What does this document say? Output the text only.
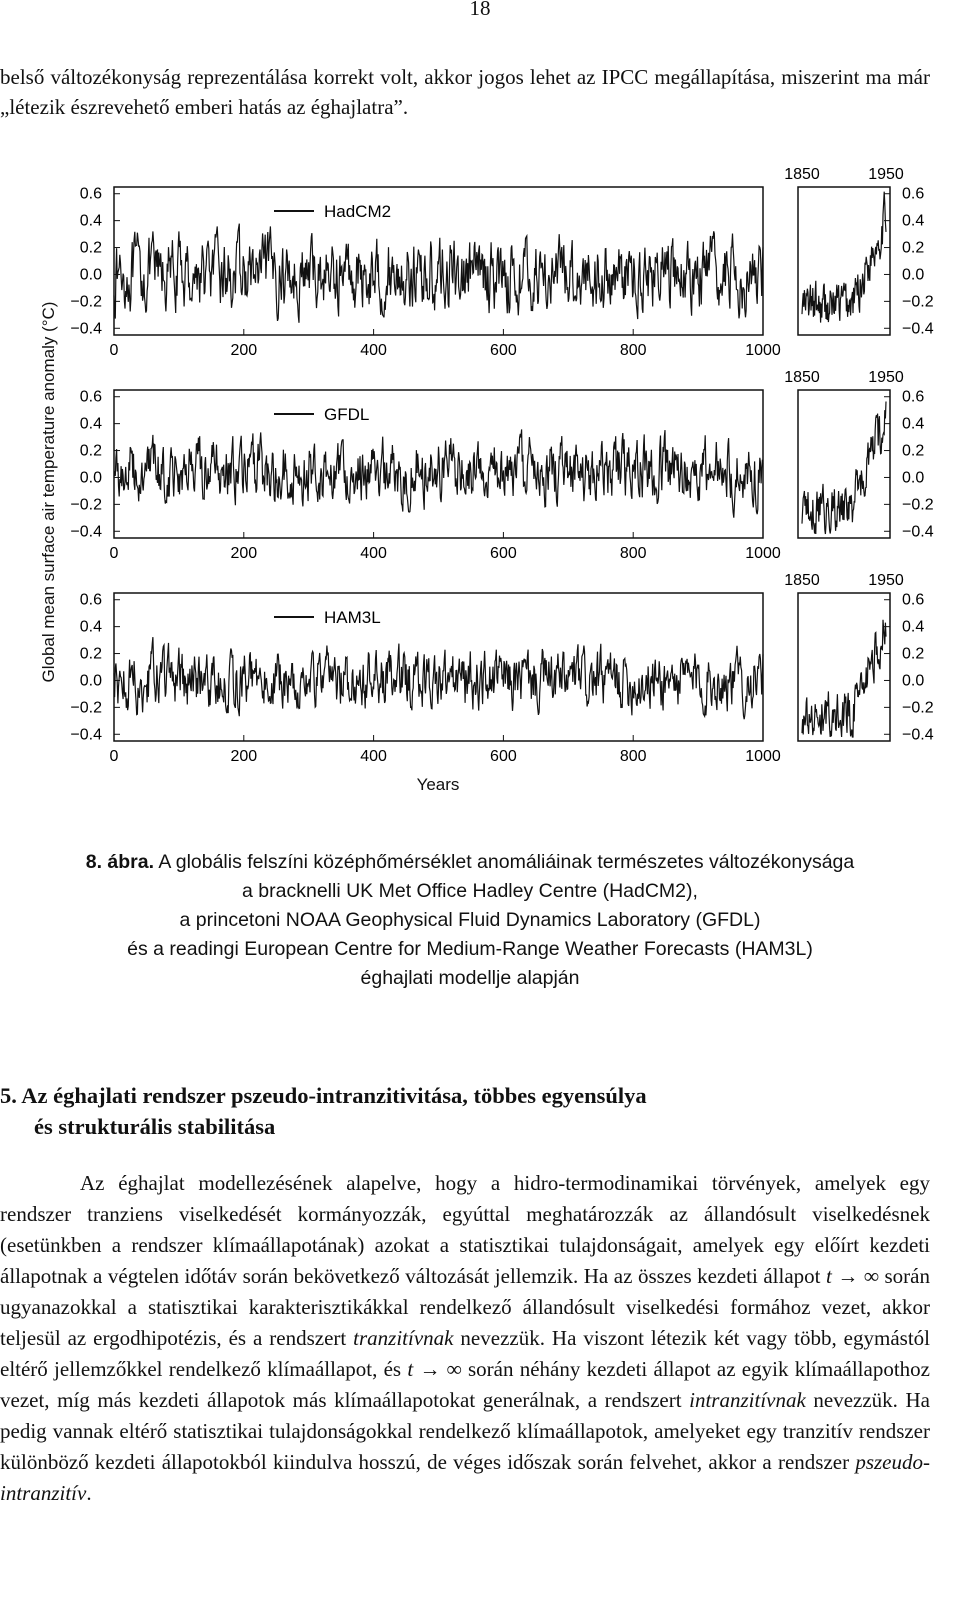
18
belső változékonyság reprezentálása korrekt volt, akkor jogos lehet az IPCC megállapítása, miszerint ma már „létezik észrevehető emberi hatás az éghajlatra”.
Global mean surface air temperature anomaly (°C)
Years
0.6	0.6
0.4	0.4
0.2	0.2
0.0	0.0
−0.2	−0.2
−0.4	−0.4
0	200	400	600	800	1000
1850	1950
HadCM2
0.6	0.6
0.4	0.4
0.2	0.2
0.0	0.0
−0.2	−0.2
−0.4	−0.4
0	200	400	600	800	1000
1850	1950
GFDL
0.6	0.6
0.4	0.4
0.2	0.2
0.0	0.0
−0.2	−0.2
−0.4	−0.4
0	200	400	600	800	1000
1850	1950
HAM3L
8. ábra. A globális felszíni középhőmérséklet anomáliáinak természetes változékonysága
a bracknelli UK Met Office Hadley Centre (HadCM2),
a princetoni NOAA Geophysical Fluid Dynamics Laboratory (GFDL)
és a readingi European Centre for Medium-Range Weather Forecasts (HAM3L)
éghajlati modellje alapján
5. Az éghajlati rendszer pszeudo-intranzitivitása, többes egyensúlya
és strukturális stabilitása

Az éghajlat modellezésének alapelve, hogy a hidro-termodinamikai törvények, amelyek egy rendszer tranziens viselkedését kormányozzák, egyúttal meghatározzák az állandósult viselkedésnek (esetünkben a rendszer klímaállapotának) azokat a statisztikai tulajdonságait, amelyek egy előírt kezdeti állapotnak a végtelen időtáv során bekövetkező változását jellemzik. Ha az összes kezdeti állapot t → ∞ során ugyanazokkal a statisztikai karakterisztikákkal rendelkező állandósult viselkedési formához vezet, akkor teljesül az ergodhipotézis, és a rendszert tranzitívnak nevezzük. Ha viszont létezik két vagy több, egymástól eltérő jellemzőkkel rendelkező klímaállapot, és t → ∞ során néhány kezdeti állapot az egyik klímaállapothoz vezet, míg más kezdeti állapotok más klímaállapotokat generálnak, a rendszert intranzitívnak nevezzük. Ha pedig vannak eltérő statisztikai tulajdonságokkal rendelkező klímaállapotok, amelyeket egy tranzitív rendszer különböző kezdeti állapotokból kiindulva hosszú, de véges időszak során felvehet, akkor a rendszer pszeudo-intranzitív.
